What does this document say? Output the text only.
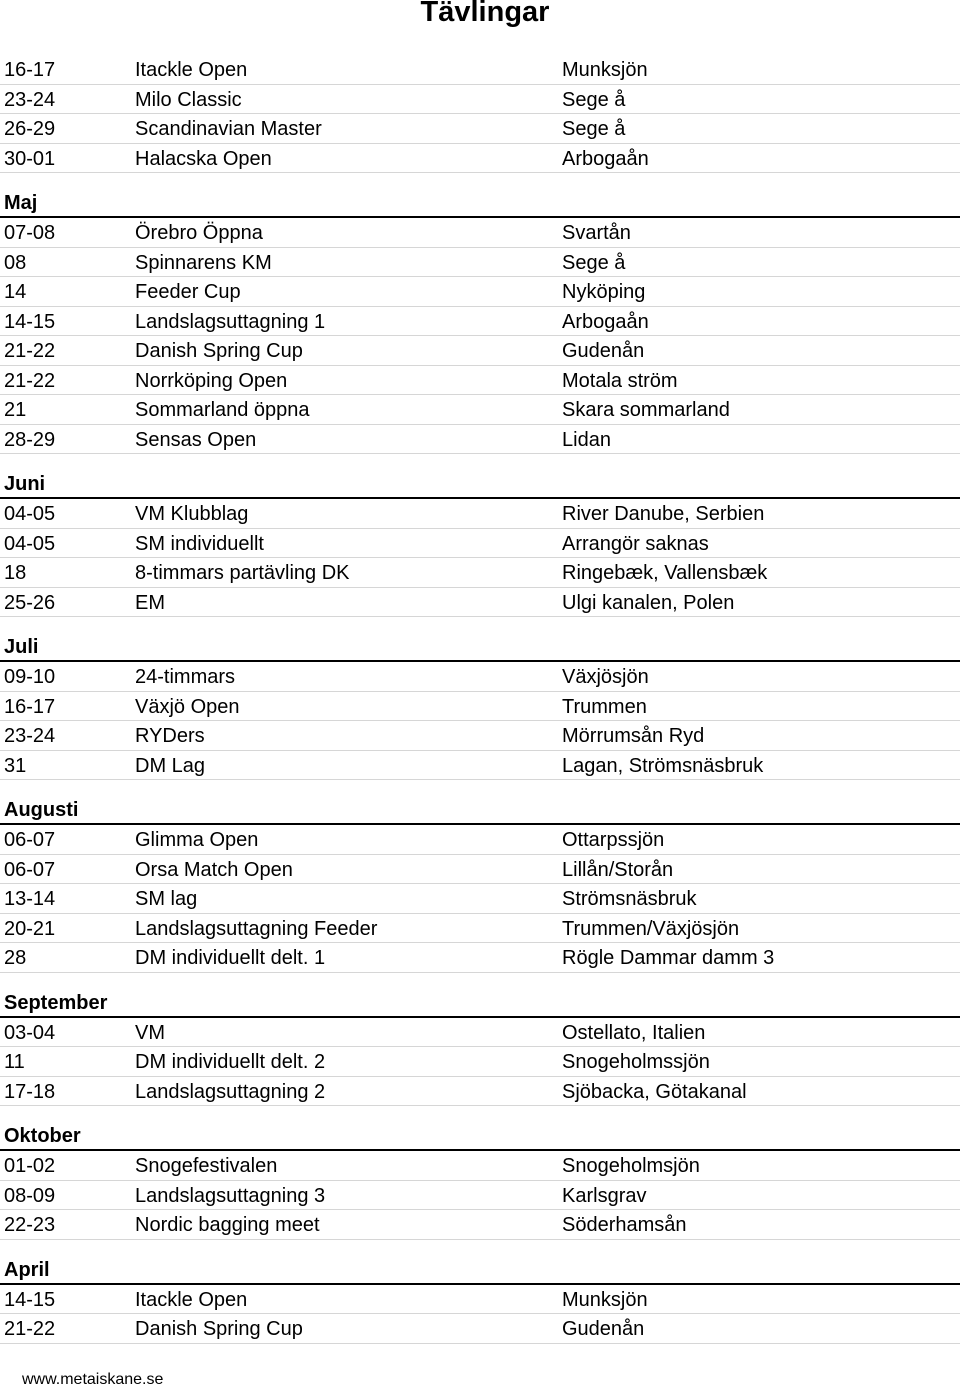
Tävlingar
16-17	Itackle Open	Munksjön
23-24	Milo Classic	Sege å
26-29	Scandinavian Master	Sege å
30-01	Halacska Open	Arbogaån
Maj
07-08	Örebro Öppna	Svartån
08	Spinnarens KM	Sege å
14	Feeder Cup	Nyköping
14-15	Landslagsuttagning 1	Arbogaån
21-22	Danish Spring Cup	Gudenån
21-22	Norrköping Open	Motala ström
21	Sommarland öppna	Skara sommarland
28-29	Sensas Open	Lidan
Juni
04-05	VM Klubblag	River Danube, Serbien
04-05	SM individuellt	Arrangör saknas
18	8-timmars partävling DK	Ringebæk, Vallensbæk
25-26	EM	Ulgi kanalen, Polen
Juli
09-10	24-timmars	Växjösjön
16-17	Växjö Open	Trummen
23-24	RYDers	Mörrumsån Ryd
31	DM Lag	Lagan, Strömsnäsbruk
Augusti
06-07	Glimma Open	Ottarpssjön
06-07	Orsa Match Open	Lillån/Storån
13-14	SM lag	Strömsnäsbruk
20-21	Landslagsuttagning Feeder	Trummen/Växjösjön
28	DM individuellt delt. 1	Rögle Dammar damm 3
September
03-04	VM	Ostellato, Italien
11	DM individuellt delt. 2	Snogeholmssjön
17-18	Landslagsuttagning 2	Sjöbacka, Götakanal
Oktober
01-02	Snogefestivalen	Snogeholmsjön
08-09	Landslagsuttagning 3	Karlsgrav
22-23	Nordic bagging meet	Söderhamsån
April
14-15	Itackle Open	Munksjön
21-22	Danish Spring Cup	Gudenån
www.metaiskane.se
